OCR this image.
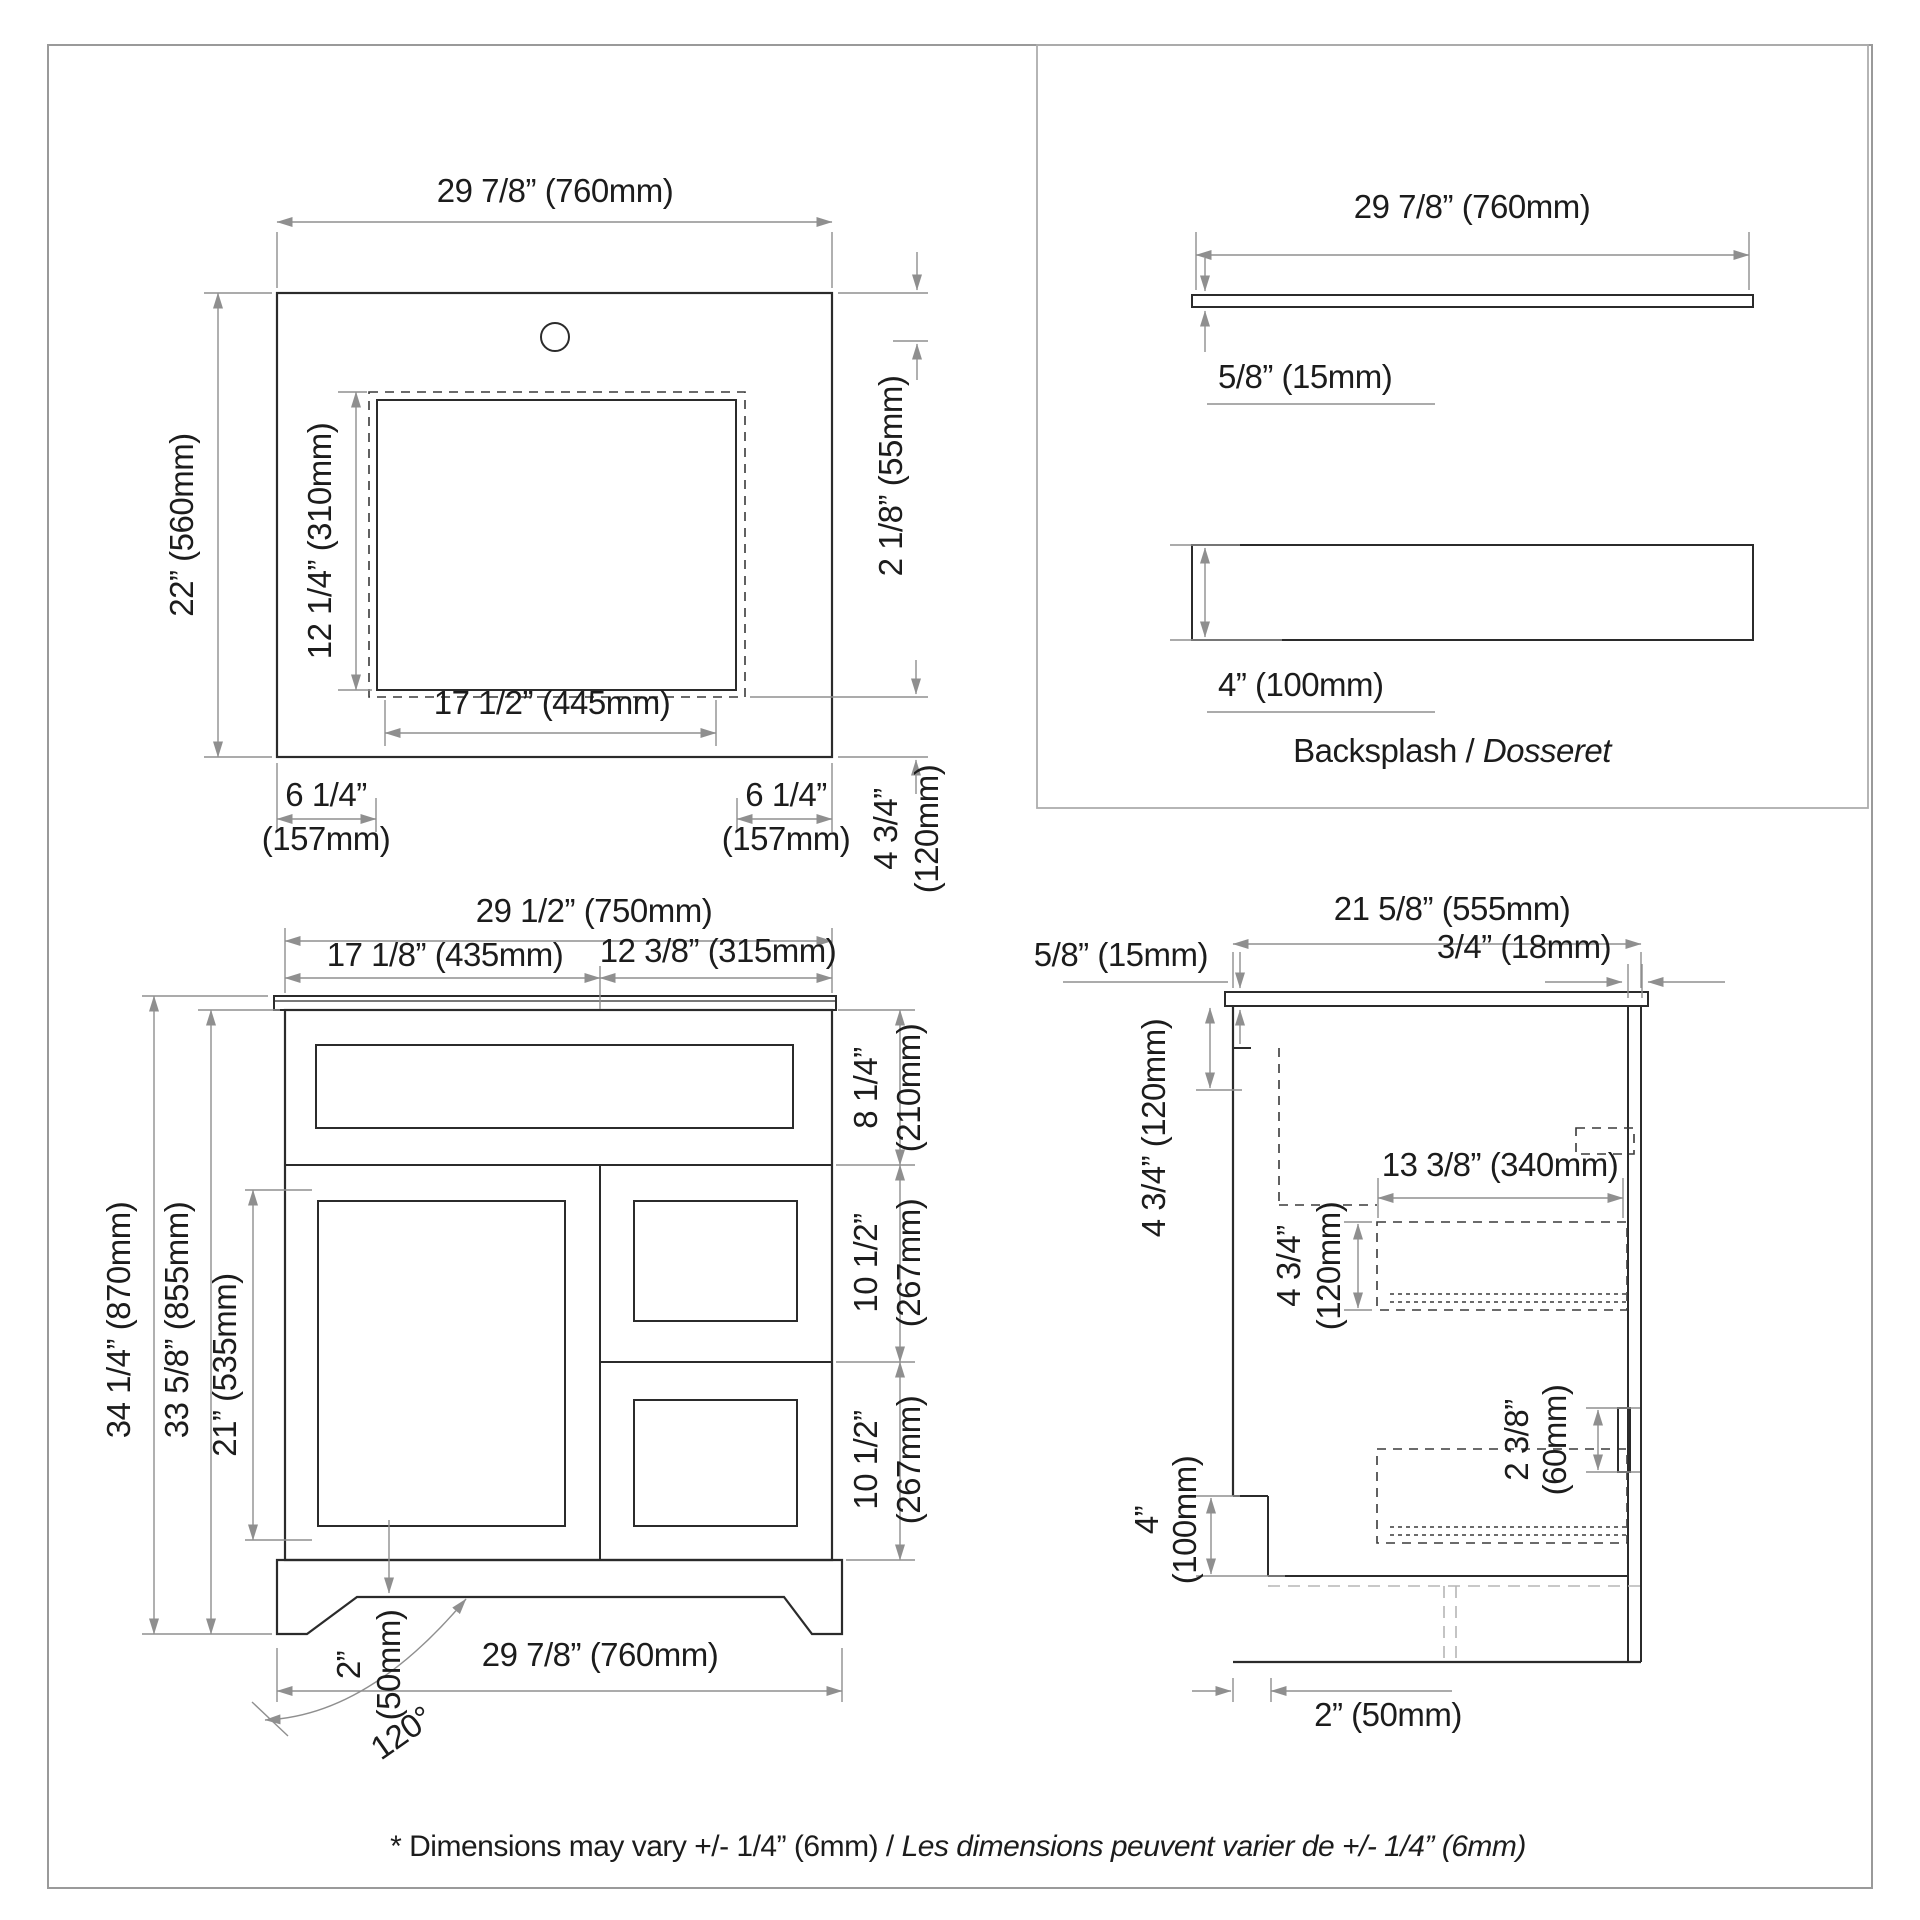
29 7/8” (760mm)
22” (560mm)	12 1/4” (310mm)
17 1/2” (445mm)
6 1/4”
(157mm)
6 1/4”
(157mm)
2 1/8” (55mm)
4 3/4” (120mm)
29 7/8” (760mm)
5/8” (15mm)
4” (100mm)
Backsplash / Dosseret
29 1/2” (750mm)
17 1/8” (435mm) 12 3/8” (315mm)
34 1/4” (870mm) 33 5/8” (855mm) 21” (535mm)
8 1/4” (210mm)
10 1/2” (267mm)
10 1/2” (267mm)
2” (50mm)
120°
29 7/8” (760mm)
21 5/8” (555mm)
5/8” (15mm)	3/4” (18mm)
4 3/4” (120mm)	13 3/8” (340mm)
4 3/4” (120mm)
2 3/8” (60mm)
4” (100mm)
2” (50mm)
* Dimensions may vary +/- 1/4” (6mm) / Les dimensions peuvent varier de +/- 1/4” (6mm)
